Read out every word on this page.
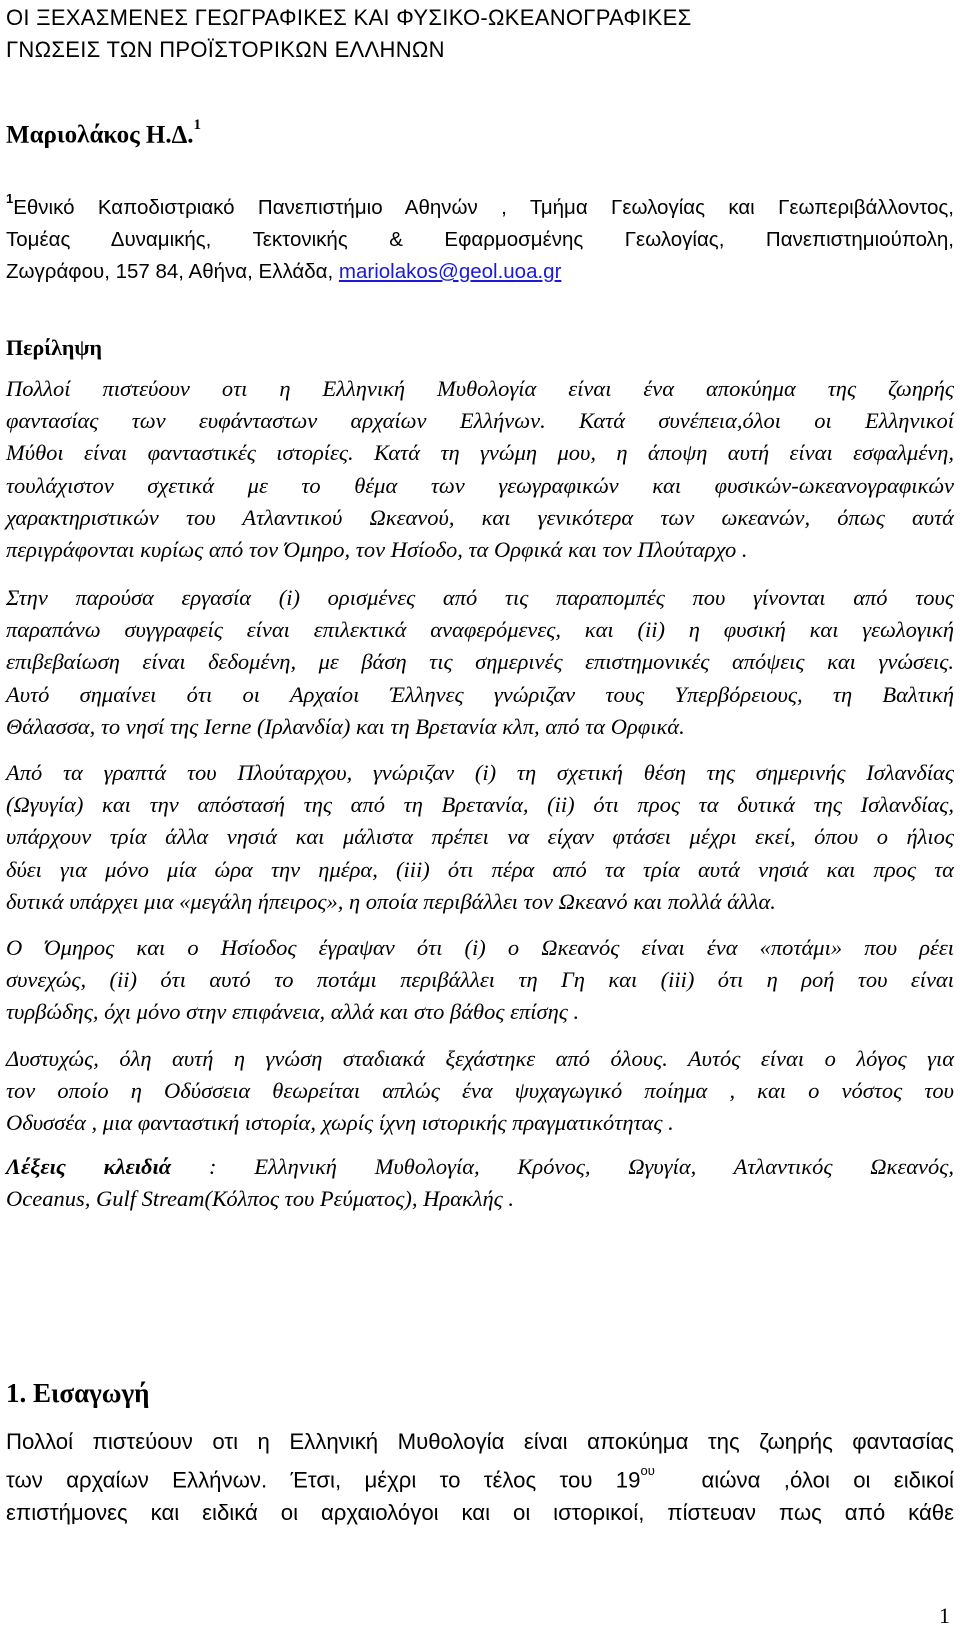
ΟΙ ΞΕΧΑΣΜΕΝΕΣ ΓΕΩΓΡΑΦΙΚΕΣ ΚΑΙ ΦΥΣΙΚΟ-ΩΚΕΑΝΟΓΡΑΦΙΚΕΣ
ΓΝΩΣΕΙΣ ΤΩΝ ΠΡΟΪΣΤΟΡΙΚΩΝ ΕΛΛΗΝΩΝ

Μαριολάκος Η.Δ.$^1$

$^1$Εθνικό Καποδιστριακό Πανεπιστήμιο Αθηνών , Τμήμα Γεωλογίας και Γεωπεριβάλλοντος,
Τομέας Δυναμικής, Τεκτονικής & Εφαρμοσμένης Γεωλογίας, Πανεπιστημιούπολη,
Ζωγράφου, 157 84, Αθήνα, Ελλάδα, mariolakos@geol.uoa.gr

Περίληψη

Πολλοί πιστεύουν οτι η Ελληνική Μυθολογία είναι ένα αποκύημα της ζωηρής
φαντασίας των ευφάνταστων αρχαίων Ελλήνων. Κατά συνέπεια,όλοι οι Ελληνικοί
Μύθοι είναι φανταστικές ιστορίες. Κατά τη γνώμη μου, η άποψη αυτή είναι εσφαλμένη,
τουλάχιστον σχετικά με το θέμα των γεωγραφικών και φυσικών-ωκεανογραφικών
χαρακτηριστικών του Ατλαντικού Ωκεανού, και γενικότερα των ωκεανών, όπως αυτά
περιγράφονται κυρίως από τον Όμηρο, τον Ησίοδο, τα Ορφικά και τον Πλούταρχο .

Στην παρούσα εργασία (i) ορισμένες από τις παραπομπές που γίνονται από τους
παραπάνω συγγραφείς είναι επιλεκτικά αναφερόμενες, και (ii) η φυσική και γεωλογική
επιβεβαίωση είναι δεδομένη, με βάση τις σημερινές επιστημονικές απόψεις και γνώσεις.
Αυτό σημαίνει ότι οι Αρχαίοι Έλληνες γνώριζαν τους Υπερβόρειους, τη Βαλτική
Θάλασσα, το νησί της Ierne (Ιρλανδία) και τη Βρετανία κλπ, από τα Ορφικά.

Από τα γραπτά του Πλούταρχου, γνώριζαν (i) τη σχετική θέση της σημερινής Ισλανδίας
(Ωγυγία) και την απόστασή της από τη Βρετανία, (ii) ότι προς τα δυτικά της Ισλανδίας,
υπάρχουν τρία άλλα νησιά και μάλιστα πρέπει να είχαν φτάσει μέχρι εκεί, όπου ο ήλιος
δύει για μόνο μία ώρα την ημέρα, (iii) ότι πέρα από τα τρία αυτά νησιά και προς τα
δυτικά υπάρχει μια «μεγάλη ήπειρος», η οποία περιβάλλει τον Ωκεανό και πολλά άλλα.

Ο Όμηρος και ο Ησίοδος έγραψαν ότι (i) ο Ωκεανός είναι ένα «ποτάμι» που ρέει
συνεχώς, (ii) ότι αυτό το ποτάμι περιβάλλει τη Γη και (iii) ότι η ροή του είναι
τυρβώδης, όχι μόνο στην επιφάνεια, αλλά και στο βάθος επίσης .

Δυστυχώς, όλη αυτή η γνώση σταδιακά ξεχάστηκε από όλους. Αυτός είναι ο λόγος για
τον οποίο η Οδύσσεια θεωρείται απλώς ένα ψυχαγωγικό ποίημα , και ο νόστος του
Οδυσσέα , μια φανταστική ιστορία, χωρίς ίχνη ιστορικής πραγματικότητας .

Λέξεις κλειδιά : Ελληνική Μυθολογία, Κρόνος, Ωγυγία, Ατλαντικός Ωκεανός,
Oceanus, Gulf Stream(Κόλπος του Ρεύματος), Ηρακλής .

1. Εισαγωγή

Πολλοί πιστεύουν οτι η Ελληνική Μυθολογία είναι αποκύημα της ζωηρής φαντασίας
των αρχαίων Ελλήνων. Έτσι, μέχρι το τέλος του $19^{o\upsilon}$  αιώνα ,όλοι οι ειδικοί
επιστήμονες και ειδικά οι αρχαιολόγοι και οι ιστορικοί, πίστευαν πως από κάθε

1
